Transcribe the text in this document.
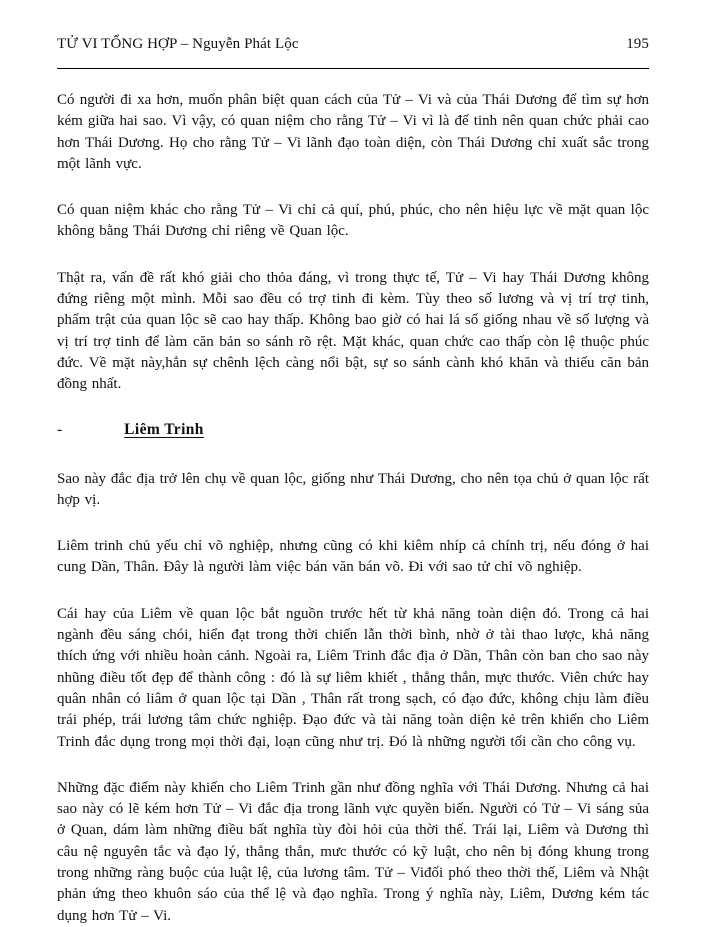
TỬ VI TỔNG HỢP – Nguyễn Phát Lộc	195

Có người đi xa hơn, muốn phân biệt quan cách của Tử – Vi và của Thái Dương để tìm sự hơn kém giữa hai sao. Vì vậy, có quan niệm cho rằng Tử – Vi vì là đế tinh nên quan chức phải cao hơn Thái Dương. Họ cho rằng Tử – Vi lãnh đạo toàn diện, còn Thái Dương chỉ xuất sắc trong một lãnh vực.

Có quan niệm khác cho rằng Tử – Vi chỉ cả quí, phú, phúc, cho nên hiệu lực về mặt quan lộc không bằng Thái Dương chỉ riêng về Quan lộc.

Thật ra, vấn đề rất khó giải cho thỏa đáng, vì trong thực tế, Tử – Vi hay Thái Dương không đứng riêng một mình. Mỗi sao đều có trợ tinh đi kèm. Tùy theo số lương và vị trí trợ tinh, phẩm trật của quan lộc sẽ cao hay thấp. Không bao giờ có hai lá số giống nhau về số lượng và vị trí trợ tinh để làm căn bản so sánh rõ rệt. Mặt khác, quan chức cao thấp còn lệ thuộc phúc đức. Về mặt này,hẳn sự chênh lệch càng nổi bật, sự so sánh cành khó khăn và thiếu căn bản đồng nhất.

-	Liêm Trinh

Sao này đắc địa trở lên chụ về quan lộc, giống như Thái Dương, cho nên tọa chủ ở quan lộc rất hợp vị.

Liêm trinh chủ yếu chỉ võ nghiệp, nhưng cũng có khi kiêm nhíp cả chính trị, nếu đóng ở hai cung Dần, Thân. Đây là người làm việc bán văn bán võ. Đi với sao tử chỉ võ nghiệp.

Cái hay của Liêm về quan lộc bắt nguồn trước hết từ khả năng toàn diện đó. Trong cả hai ngành đều sáng chói, hiển đạt trong thời chiến lẫn thời bình, nhờ ở tài thao lược, khả năng thích ứng với nhiều hoàn cảnh. Ngoài ra, Liêm Trinh đắc địa ở Dần, Thân còn ban cho sao này nhũng điều tốt đẹp để thành công : đó là sự liêm khiết , thẳng thắn, mực thước. Viên chức hay quân nhân có liâm ở quan lộc tại Dần , Thân rất trong sạch, có đạo đức, không chịu làm điều trái phép, trái lương tâm chức nghiệp. Đạo đức và tài năng toàn diện kẻ trên khiến cho Liêm Trinh đắc dụng trong mọi thời đại, loạn cũng như trị. Đó là những người tối cần cho công vụ.

Những đặc điểm này khiến cho Liêm Trinh gần như đồng nghĩa với Thái Dương. Nhưng cả hai sao này có lẽ kém hơn Tử – Vi đắc địa trong lãnh vực quyền biến. Người có Tử – Vi sáng sủa ở Quan, dám làm những điều bất nghĩa tùy đòi hỏi của thời thế. Trái lại, Liêm và Dương thì câu nệ nguyên tắc và đạo lý, thẳng thắn, mưc thước có kỹ luật, cho nên bị đóng khung trong trong những ràng buộc của luật lệ, của lương tâm. Tử – Viđối phó theo thời thế, Liêm và Nhật phản ứng theo khuôn sáo của thể lệ và đạo nghĩa. Trong ý nghĩa này, Liêm, Dương kém tác dụng hơn Tử – Vi.
